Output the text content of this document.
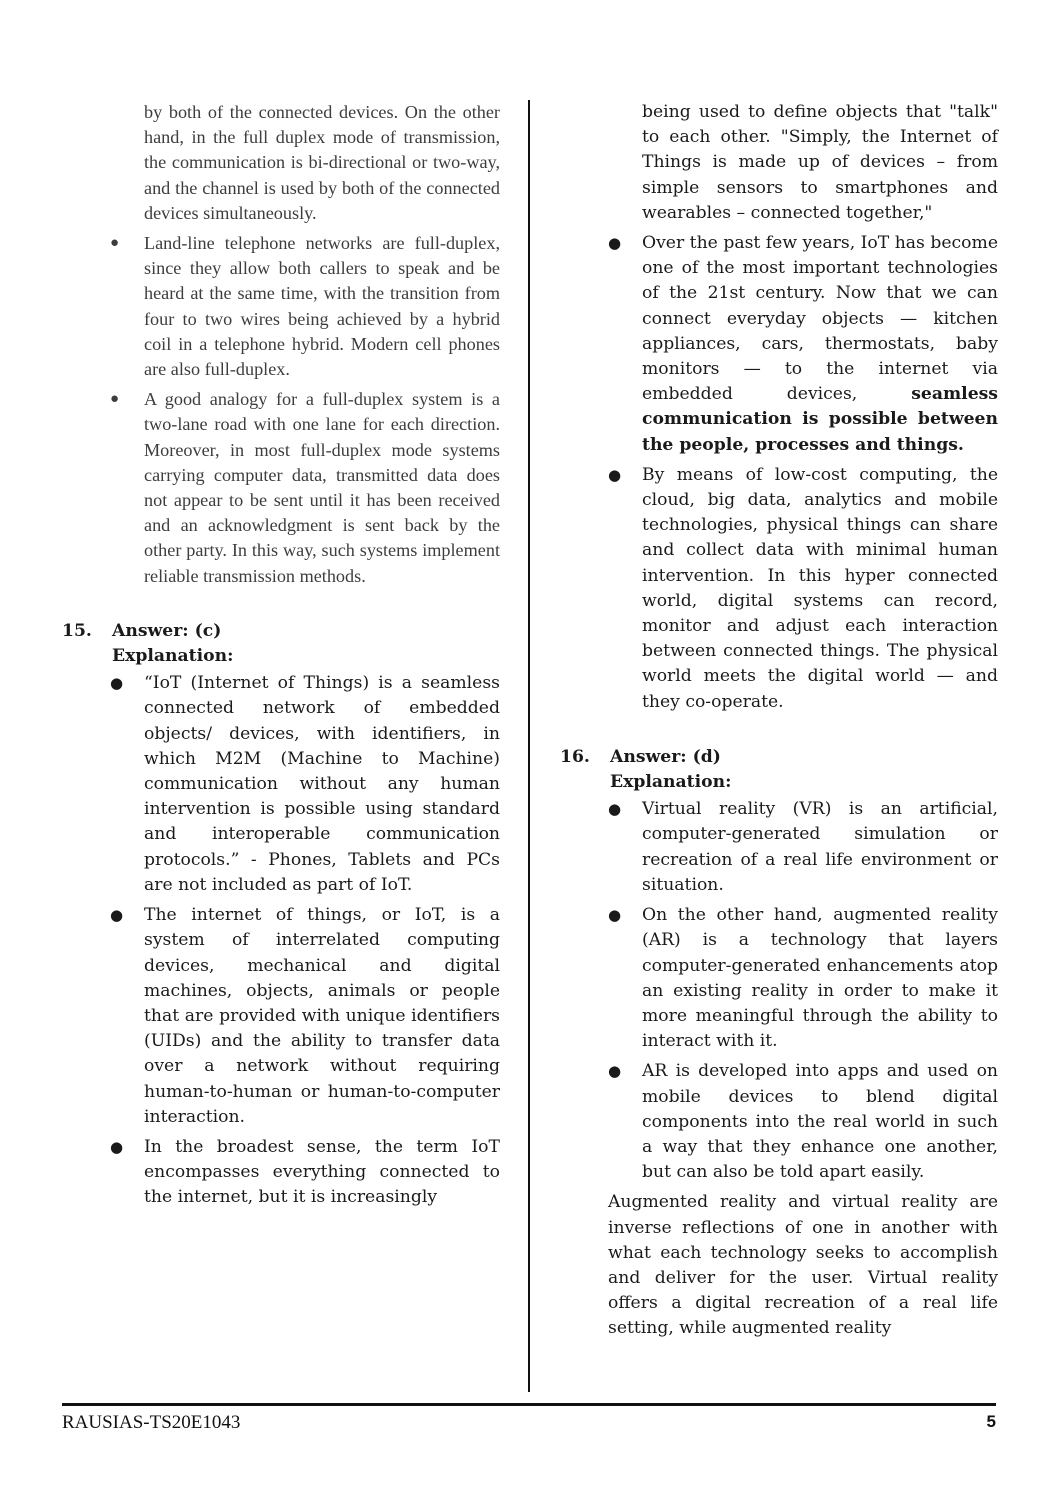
by both of the connected devices. On the other hand, in the full duplex mode of transmission, the communication is bi-directional or two-way, and the channel is used by both of the connected devices simultaneously.

● Land-line telephone networks are full-duplex, since they allow both callers to speak and be heard at the same time, with the transition from four to two wires being achieved by a hybrid coil in a telephone hybrid. Modern cell phones are also full-duplex.
● A good analogy for a full-duplex system is a two-lane road with one lane for each direction. Moreover, in most full-duplex mode systems carrying computer data, transmitted data does not appear to be sent until it has been received and an acknowledgment is sent back by the other party. In this way, such systems implement reliable transmission methods.
15.	Answer: (c)
Explanation:
● “IoT (Internet of Things) is a seamless connected network of embedded objects/ devices, with identifiers, in which M2M (Machine to Machine) communication without any human intervention is possible using standard and interoperable communication protocols.” - Phones, Tablets and PCs are not included as part of IoT.
● The internet of things, or IoT, is a system of interrelated computing devices, mechanical and digital machines, objects, animals or people that are provided with unique identifiers (UIDs) and the ability to transfer data over a network without requiring human-to-human or human-to-computer interaction.
● In the broadest sense, the term IoT encompasses everything connected to the internet, but it is increasingly

being used to define objects that "talk" to each other. "Simply, the Internet of Things is made up of devices – from simple sensors to smartphones and wearables – connected together,"

● Over the past few years, IoT has become one of the most important technologies of the 21st century. Now that we can connect everyday objects — kitchen appliances, cars, thermostats, baby monitors — to the internet via embedded devices, seamless communication is possible between the people, processes and things.
● By means of low-cost computing, the cloud, big data, analytics and mobile technologies, physical things can share and collect data with minimal human intervention. In this hyper connected world, digital systems can record, monitor and adjust each interaction between connected things. The physical world meets the digital world — and they co-operate.
16.	Answer: (d)
Explanation:
● Virtual reality (VR) is an artificial, computer-generated simulation or recreation of a real life environment or situation.
● On the other hand, augmented reality (AR) is a technology that layers computer-generated enhancements atop an existing reality in order to make it more meaningful through the ability to interact with it.
● AR is developed into apps and used on mobile devices to blend digital components into the real world in such a way that they enhance one another, but can also be told apart easily.

Augmented reality and virtual reality are inverse reflections of one in another with what each technology seeks to accomplish and deliver for the user. Virtual reality offers a digital recreation of a real life setting, while augmented reality

RAUSIAS-TS20E1043	5
